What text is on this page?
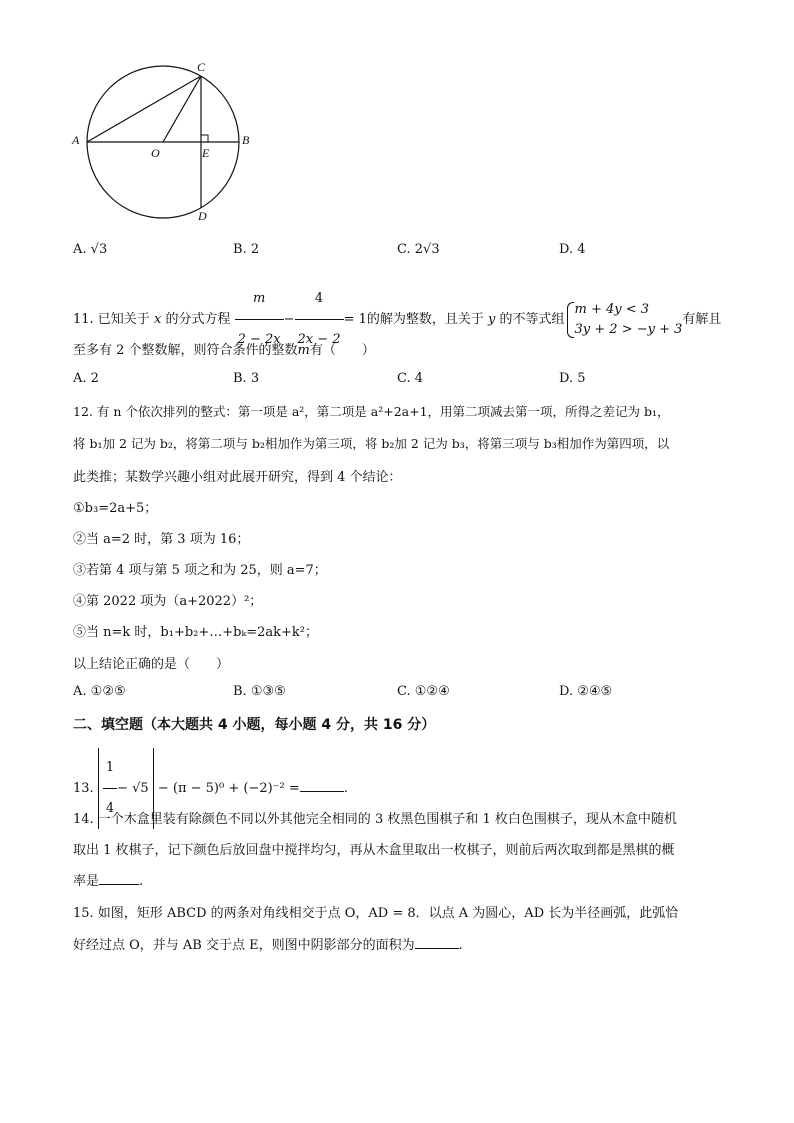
C
A	B
O	E
D
A. √3	B. 2	C. 2√3	D. 4
11. 已知关于 x 的分式方程 $\frac{m}{2 - 2x} - \frac{4}{2x - 2} = 1$的解为整数，且关于 y 的不等式组
m + 4y < 3
3y + 2 > −y + 3
有解且
至多有 2 个整数解，则符合条件的整数m有（　　）
A. 2	B. 3	C. 4	D. 5
12. 有 n 个依次排列的整式：第一项是 a²，第二项是 a²+2a+1，用第二项减去第一项，所得之差记为 b₁，
将 b₁加 2 记为 b₂，将第二项与 b₂相加作为第三项，将 b₂加 2 记为 b₃，将第三项与 b₃相加作为第四项，以
此类推；某数学兴趣小组对此展开研究，得到 4 个结论：
①b₃=2a+5；
②当 a=2 时，第 3 项为 16；
③若第 4 项与第 5 项之和为 25，则 a=7；
④第 2022 项为（a+2022）²；
⑤当 n=k 时，b₁+b₂+…+bₖ=2ak+k²；
以上结论正确的是（　　）
A. ①②⑤	B. ①③⑤	C. ①②④	D. ②④⑤
二、填空题（本大题共 4 小题，每小题 4 分，共 16 分）
13. $\frac{1}{4} - √5 - (\pi - 5)^0 + (-2)^{-2}$ =	.
14. 一个木盒里装有除颜色不同以外其他完全相同的 3 枚黑色围棋子和 1 枚白色围棋子，现从木盒中随机
取出 1 枚棋子，记下颜色后放回盘中搅拌均匀，再从木盒里取出一枚棋子，则前后两次取到都是黑棋的概
率是	.
15. 如图，矩形 ABCD 的两条对角线相交于点 O，AD = 8．以点 A 为圆心，AD 长为半径画弧，此弧恰
好经过点 O，并与 AB 交于点 E，则图中阴影部分的面积为	.
